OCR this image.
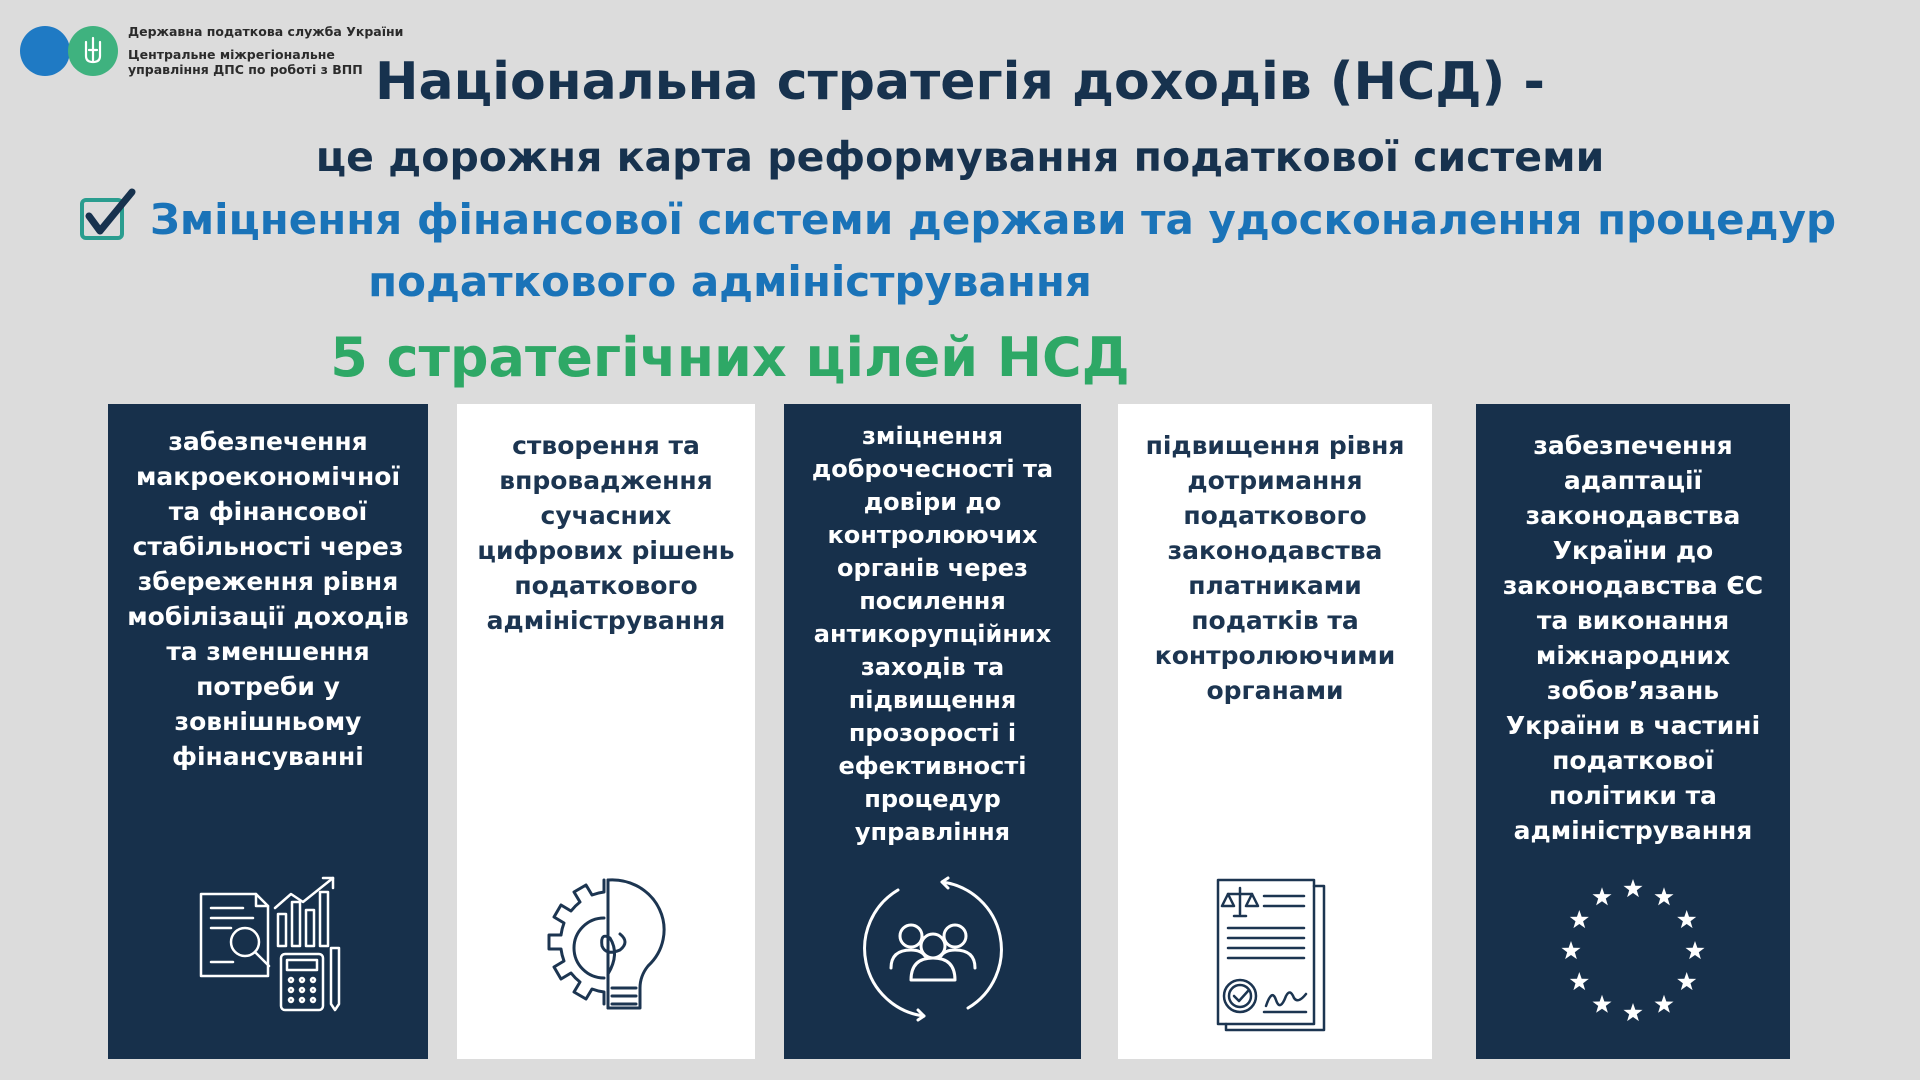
Державна податкова служба України
Центральне міжрегіональне управління ДПС по роботі з ВПП Національна стратегія доходів (НСД) -
це дорожня карта реформування податкової системи
Зміцнення фінансової системи держави та удосконалення процедур
податкового адміністрування
5 стратегічних цілей НСД
забезпечення макроекономічної та фінансової стабільності через збереження рівня мобілізації доходів та зменшення потреби у зовнішньому фінансуванні
створення та впровадження сучасних цифрових рішень податкового адміністрування
зміцнення доброчесності та довіри до контролюючих органів через посилення антикорупційних заходів та підвищення прозорості і ефективності процедур управління
підвищення рівня дотримання податкового законодавства платниками податків та контролюючими органами
забезпечення адаптації законодавства України до законодавства ЄС та виконання міжнародних зобов’язань України в частині податкової політики та адміністрування
